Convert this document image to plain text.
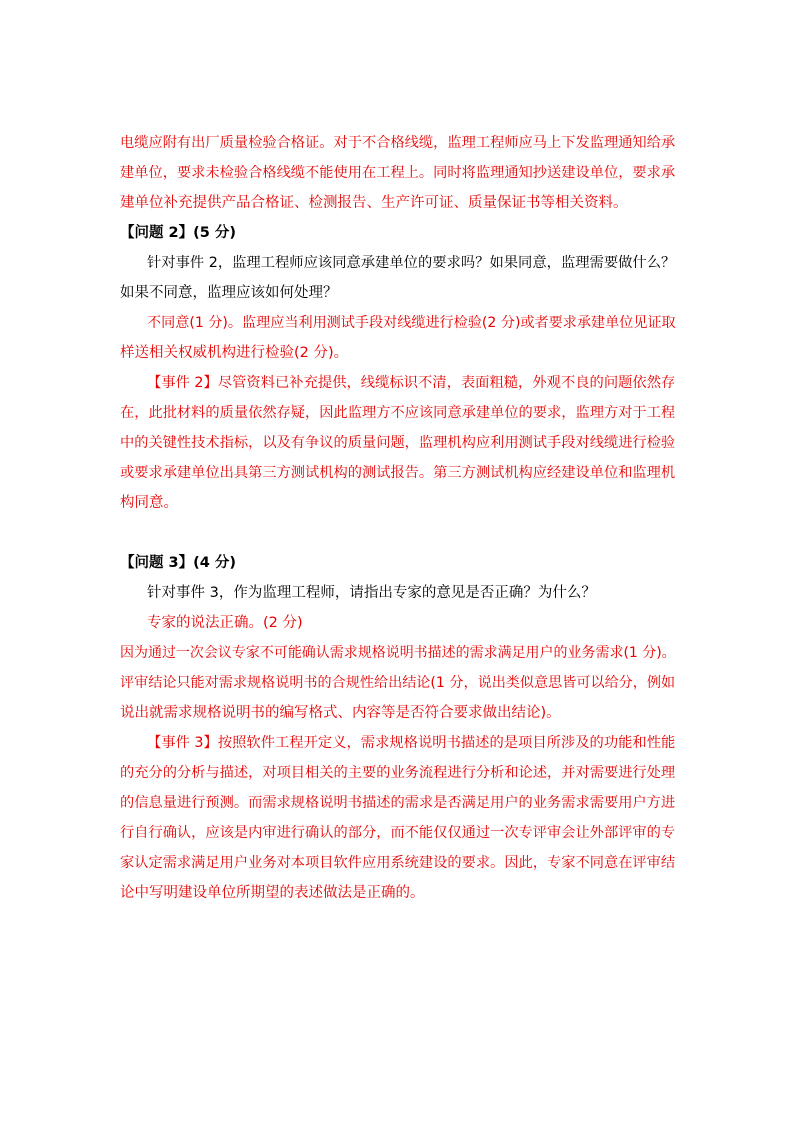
电缆应附有出厂质量检验合格证。对于不合格线缆，监理工程师应马上下发监理通知给承
建单位，要求未检验合格线缆不能使用在工程上。同时将监理通知抄送建设单位，要求承
建单位补充提供产品合格证、检测报告、生产许可证、质量保证书等相关资料。
【问题 2】(5 分)
针对事件 2，监理工程师应该同意承建单位的要求吗？如果同意，监理需要做什么？
如果不同意，监理应该如何处理？
不同意(1 分)。监理应当利用测试手段对线缆进行检验(2 分)或者要求承建单位见证取
样送相关权威机构进行检验(2 分)。
【事件 2】尽管资料已补充提供，线缆标识不清，表面粗糙，外观不良的问题依然存
在，此批材料的质量依然存疑，因此监理方不应该同意承建单位的要求，监理方对于工程
中的关键性技术指标，以及有争议的质量问题，监理机构应利用测试手段对线缆进行检验
或要求承建单位出具第三方测试机构的测试报告。第三方测试机构应经建设单位和监理机
构同意。
【问题 3】(4 分)
针对事件 3，作为监理工程师，请指出专家的意见是否正确？为什么？
专家的说法正确。(2 分)
因为通过一次会议专家不可能确认需求规格说明书描述的需求满足用户的业务需求(1 分)。
评审结论只能对需求规格说明书的合规性给出结论(1 分，说出类似意思皆可以给分，例如
说出就需求规格说明书的编写格式、内容等是否符合要求做出结论)。
【事件 3】按照软件工程开定义，需求规格说明书描述的是项目所涉及的功能和性能
的充分的分析与描述，对项目相关的主要的业务流程进行分析和论述，并对需要进行处理
的信息量进行预测。而需求规格说明书描述的需求是否满足用户的业务需求需要用户方进
行自行确认，应该是内审进行确认的部分，而不能仅仅通过一次专评审会让外部评审的专
家认定需求满足用户业务对本项目软件应用系统建设的要求。因此，专家不同意在评审结
论中写明建设单位所期望的表述做法是正确的。
